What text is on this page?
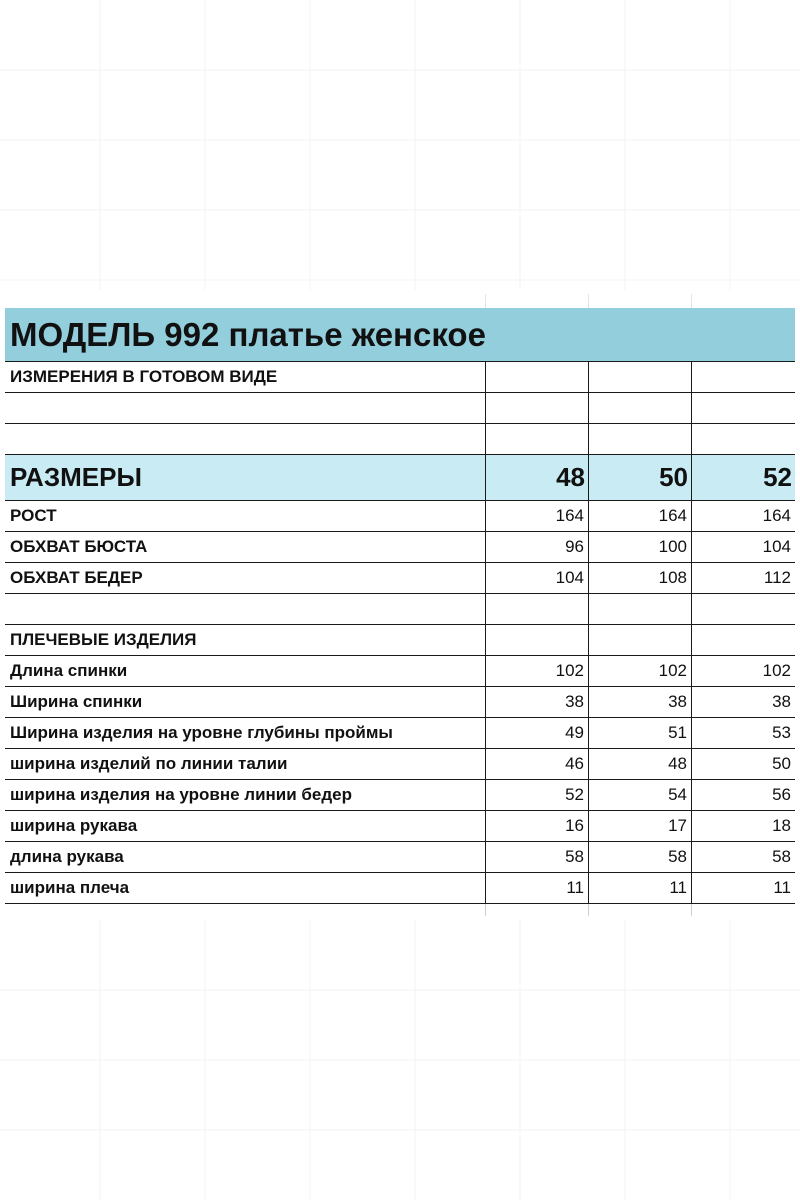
МОДЕЛЬ 992 платье женское
ИЗМЕРЕНИЯ В ГОТОВОМ ВИДЕ
РАЗМЕРЫ	48	50	52
РОСТ	164	164	164
ОБХВАТ БЮСТА	96	100	104
ОБХВАТ БЕДЕР	104	108	112
ПЛЕЧЕВЫЕ ИЗДЕЛИЯ
Длина спинки	102	102	102
Ширина спинки	38	38	38
Ширина изделия на уровне глубины проймы	49	51	53
ширина изделий по линии талии	46	48	50
ширина изделия на уровне линии бедер	52	54	56
ширина рукава	16	17	18
длина рукава	58	58	58
ширина плеча	11	11	11
